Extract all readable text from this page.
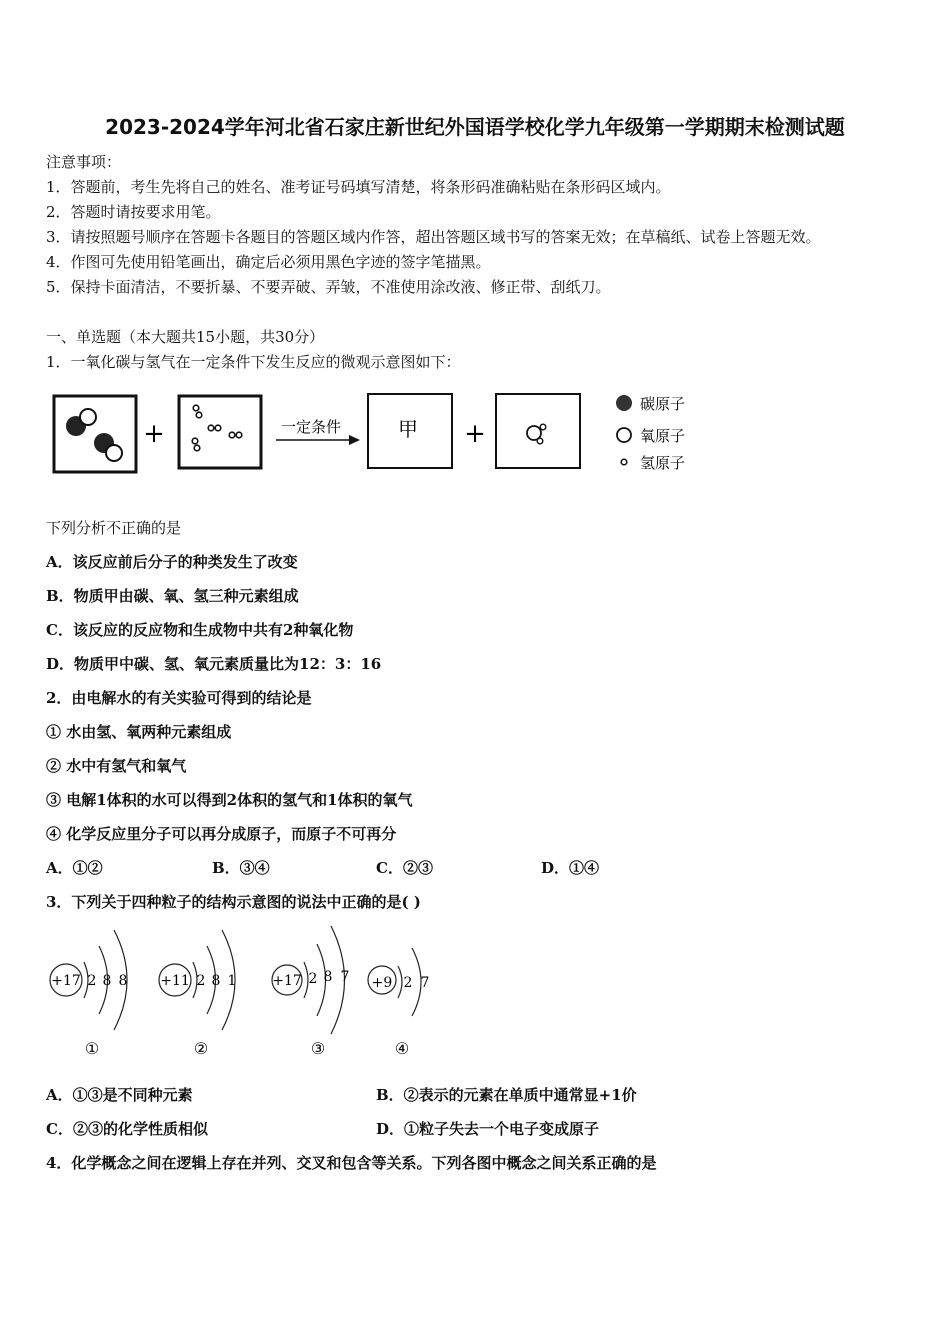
2023-2024学年河北省石家庄新世纪外国语学校化学九年级第一学期期末检测试题
注意事项：
1．答题前，考生先将自己的姓名、准考证号码填写清楚，将条形码准确粘贴在条形码区域内。
2．答题时请按要求用笔。
3．请按照题号顺序在答题卡各题目的答题区域内作答，超出答题区域书写的答案无效；在草稿纸、试卷上答题无效。
4．作图可先使用铅笔画出，确定后必须用黑色字迹的签字笔描黑。
5．保持卡面清洁，不要折暴、不要弄破、弄皱，不准使用涂改液、修正带、刮纸刀。
一、单选题（本大题共15小题，共30分）
1．一氧化碳与氢气在一定条件下发生反应的微观示意图如下：
+	一定条件	甲 +
碳原子
氧原子
氢原子
下列分析不正确的是
A．该反应前后分子的种类发生了改变
B．物质甲由碳、氧、氢三种元素组成
C．该反应的反应物和生成物中共有2种氧化物
D．物质甲中碳、氢、氧元素质量比为12：3：16
2．由电解水的有关实验可得到的结论是
① 水由氢、氧两种元素组成
② 水中有氢气和氧气
③ 电解1体积的水可以得到2体积的氢气和1体积的氧气
④ 化学反应里分子可以再分成原子，而原子不可再分
A．①②	B．③④	C．②③	D．①④
3．下列关于四种粒子的结构示意图的说法中正确的是( )
+17 2 8 8 +11 2 8 1	+17 2 8 7 +9 2 7
①	②	③	④
A．①③是不同种元素	B．②表示的元素在单质中通常显+1价
C．②③的化学性质相似	D．①粒子失去一个电子变成原子
4．化学概念之间在逻辑上存在并列、交叉和包含等关系。下列各图中概念之间关系正确的是
